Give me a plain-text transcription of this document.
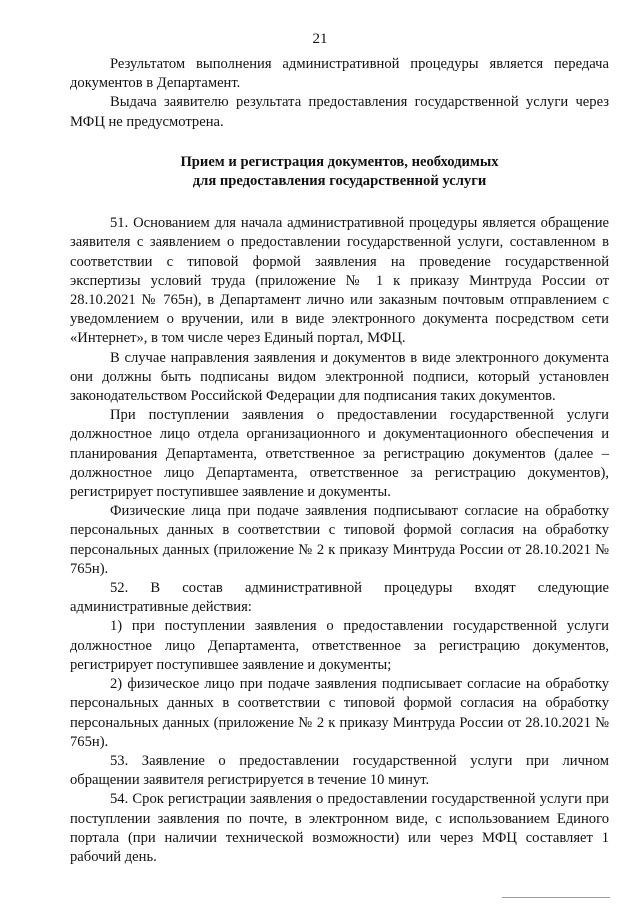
21

Результатом выполнения административной процедуры является передача документов в Департамент.

Выдача заявителю результата предоставления государственной услуги через МФЦ не предусмотрена.

Прием и регистрация документов, необходимых
для предоставления государственной услуги

51. Основанием для начала административной процедуры является обращение заявителя с заявлением о предоставлении государственной услуги, составленном в соответствии с типовой формой заявления на проведение государственной экспертизы условий труда (приложение № 1 к приказу Минтруда России от 28.10.2021 № 765н), в Департамент лично или заказным почтовым отправлением с уведомлением о вручении, или в виде электронного документа посредством сети «Интернет», в том числе через Единый портал, МФЦ.

В случае направления заявления и документов в виде электронного документа они должны быть подписаны видом электронной подписи, который установлен законодательством Российской Федерации для подписания таких документов.

При поступлении заявления о предоставлении государственной услуги должностное лицо отдела организационного и документационного обеспечения и планирования Департамента, ответственное за регистрацию документов (далее – должностное лицо Департамента, ответственное за регистрацию документов), регистрирует поступившее заявление и документы.

Физические лица при подаче заявления подписывают согласие на обработку персональных данных в соответствии с типовой формой согласия на обработку персональных данных (приложение № 2 к приказу Минтруда России от 28.10.2021 № 765н).

52. В состав административной процедуры входят следующие административные действия:

1) при поступлении заявления о предоставлении государственной услуги должностное лицо Департамента, ответственное за регистрацию документов, регистрирует поступившее заявление и документы;

2) физическое лицо при подаче заявления подписывает согласие на обработку персональных данных в соответствии с типовой формой согласия на обработку персональных данных (приложение № 2 к приказу Минтруда России от 28.10.2021 № 765н).

53. Заявление о предоставлении государственной услуги при личном обращении заявителя регистрируется в течение 10 минут.

54. Срок регистрации заявления о предоставлении государственной услуги при поступлении заявления по почте, в электронном виде, с использованием Единого портала (при наличии технической возможности) или через МФЦ составляет 1 рабочий день.
